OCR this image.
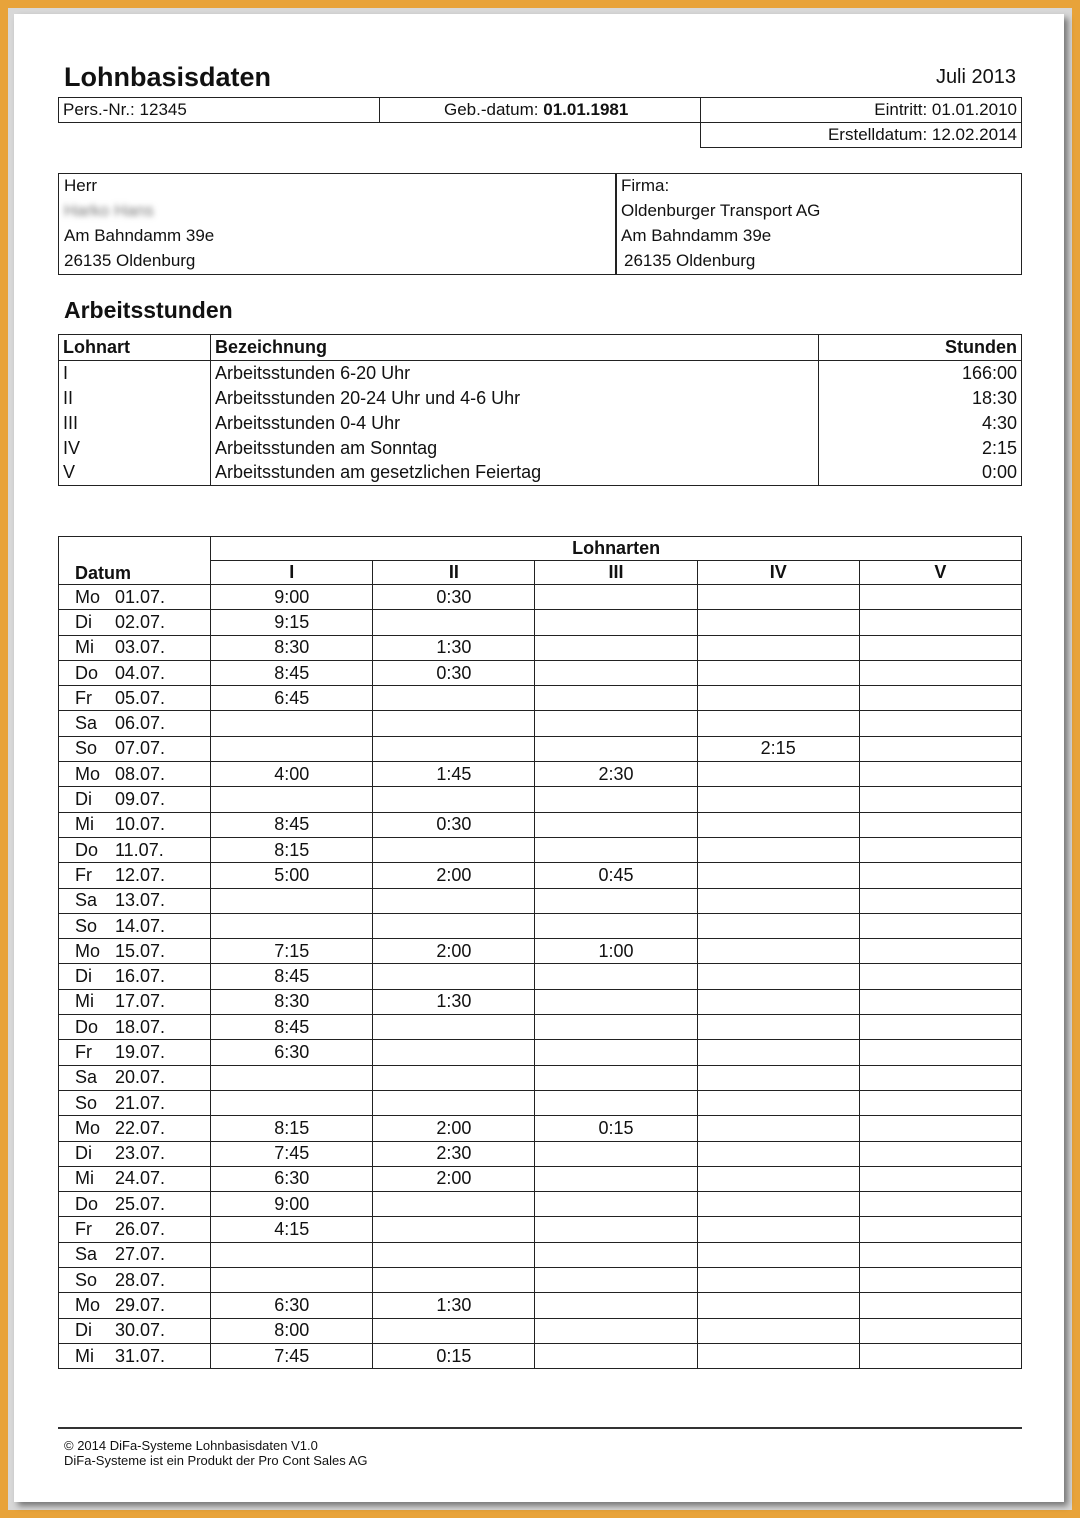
Lohnbasisdaten	Juli 2013
Pers.-Nr.: 12345	Geb.-datum: 01.01.1981	Eintritt: 01.01.2010
Erstelldatum: 12.02.2014
Herr
Harko Hans
Am Bahndamm 39e
26135 Oldenburg
Firma:
Oldenburger Transport AG
Am Bahndamm 39e
26135 Oldenburg
Arbeitsstunden
Lohnart	Bezeichnung	Stunden
I	Arbeitsstunden 6-20 Uhr	166:00
II	Arbeitsstunden 20-24 Uhr und 4-6 Uhr	18:30
III	Arbeitsstunden 0-4 Uhr	4:30
IV	Arbeitsstunden am Sonntag	2:15
V	Arbeitsstunden am gesetzlichen Feiertag	0:00
Datum	Lohnarten				
	I	II	III	IV	V
Mo 01.07.	9:00	0:30			
Di 02.07.	9:15				
Mi 03.07.	8:30	1:30			
Do 04.07.	8:45	0:30			
Fr 05.07.	6:45				
Sa 06.07.					
So 07.07.				2:15	
Mo 08.07.	4:00	1:45	2:30		
Di 09.07.					
Mi 10.07.	8:45	0:30			
Do 11.07.	8:15				
Fr 12.07.	5:00	2:00	0:45		
Sa 13.07.					
So 14.07.					
Mo 15.07.	7:15	2:00	1:00		
Di 16.07.	8:45				
Mi 17.07.	8:30	1:30			
Do 18.07.	8:45				
Fr 19.07.	6:30				
Sa 20.07.					
So 21.07.					
Mo 22.07.	8:15	2:00	0:15		
Di 23.07.	7:45	2:30			
Mi 24.07.	6:30	2:00			
Do 25.07.	9:00				
Fr 26.07.	4:15				
Sa 27.07.					
So 28.07.					
Mo 29.07.	6:30	1:30			
Di 30.07.	8:00				
Mi 31.07.	7:45	0:15			
© 2014 DiFa-Systeme Lohnbasisdaten V1.0
DiFa-Systeme ist ein Produkt der Pro Cont Sales AG
